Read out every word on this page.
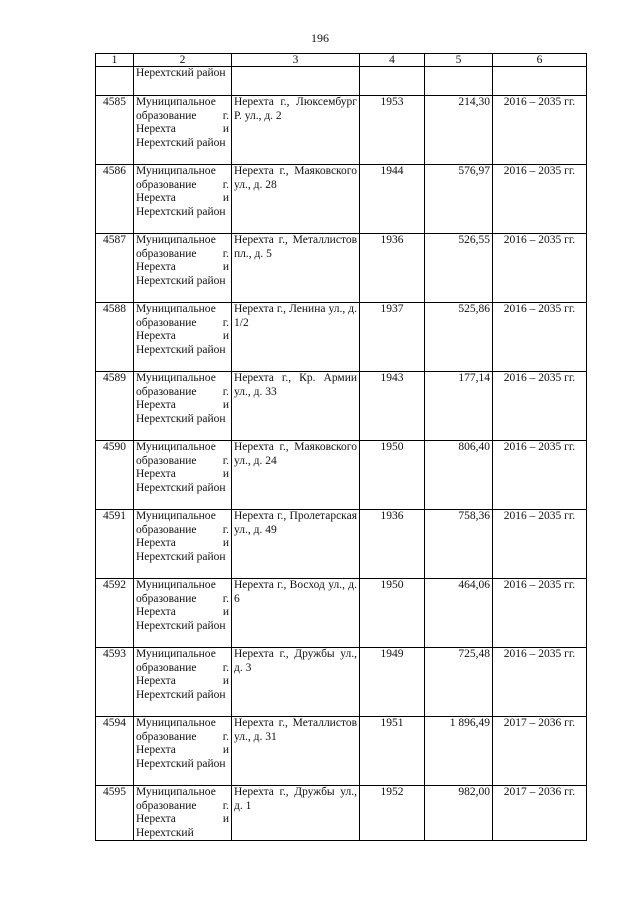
196
1	2	3	4	5	6
	Нерехтский район				
4585	Муниципальное образование г. Нерехта и Нерехтский район	Нерехта г., Люксембург Р. ул., д. 2	1953	214,30	2016 – 2035 гг.
4586	Муниципальное образование г. Нерехта и Нерехтский район	Нерехта г., Маяковского ул., д. 28	1944	576,97	2016 – 2035 гг.
4587	Муниципальное образование г. Нерехта и Нерехтский район	Нерехта г., Металлистов пл., д. 5	1936	526,55	2016 – 2035 гг.
4588	Муниципальное образование г. Нерехта и Нерехтский район	Нерехта г., Ленина ул., д. 1/2	1937	525,86	2016 – 2035 гг.
4589	Муниципальное образование г. Нерехта и Нерехтский район	Нерехта г., Кр. Армии ул., д. 33	1943	177,14	2016 – 2035 гг.
4590	Муниципальное образование г. Нерехта и Нерехтский район	Нерехта г., Маяковского ул., д. 24	1950	806,40	2016 – 2035 гг.
4591	Муниципальное образование г. Нерехта и Нерехтский район	Нерехта г., Пролетарская ул., д. 49	1936	758,36	2016 – 2035 гг.
4592	Муниципальное образование г. Нерехта и Нерехтский район	Нерехта г., Восход ул., д. 6	1950	464,06	2016 – 2035 гг.
4593	Муниципальное образование г. Нерехта и Нерехтский район	Нерехта г., Дружбы ул., д. 3	1949	725,48	2016 – 2035 гг.
4594	Муниципальное образование г. Нерехта и Нерехтский район	Нерехта г., Металлистов ул., д. 31	1951	1 896,49	2017 – 2036 гг.
4595	Муниципальное образование г. Нерехта и Нерехтский	Нерехта г., Дружбы ул., д. 1	1952	982,00	2017 – 2036 гг.
